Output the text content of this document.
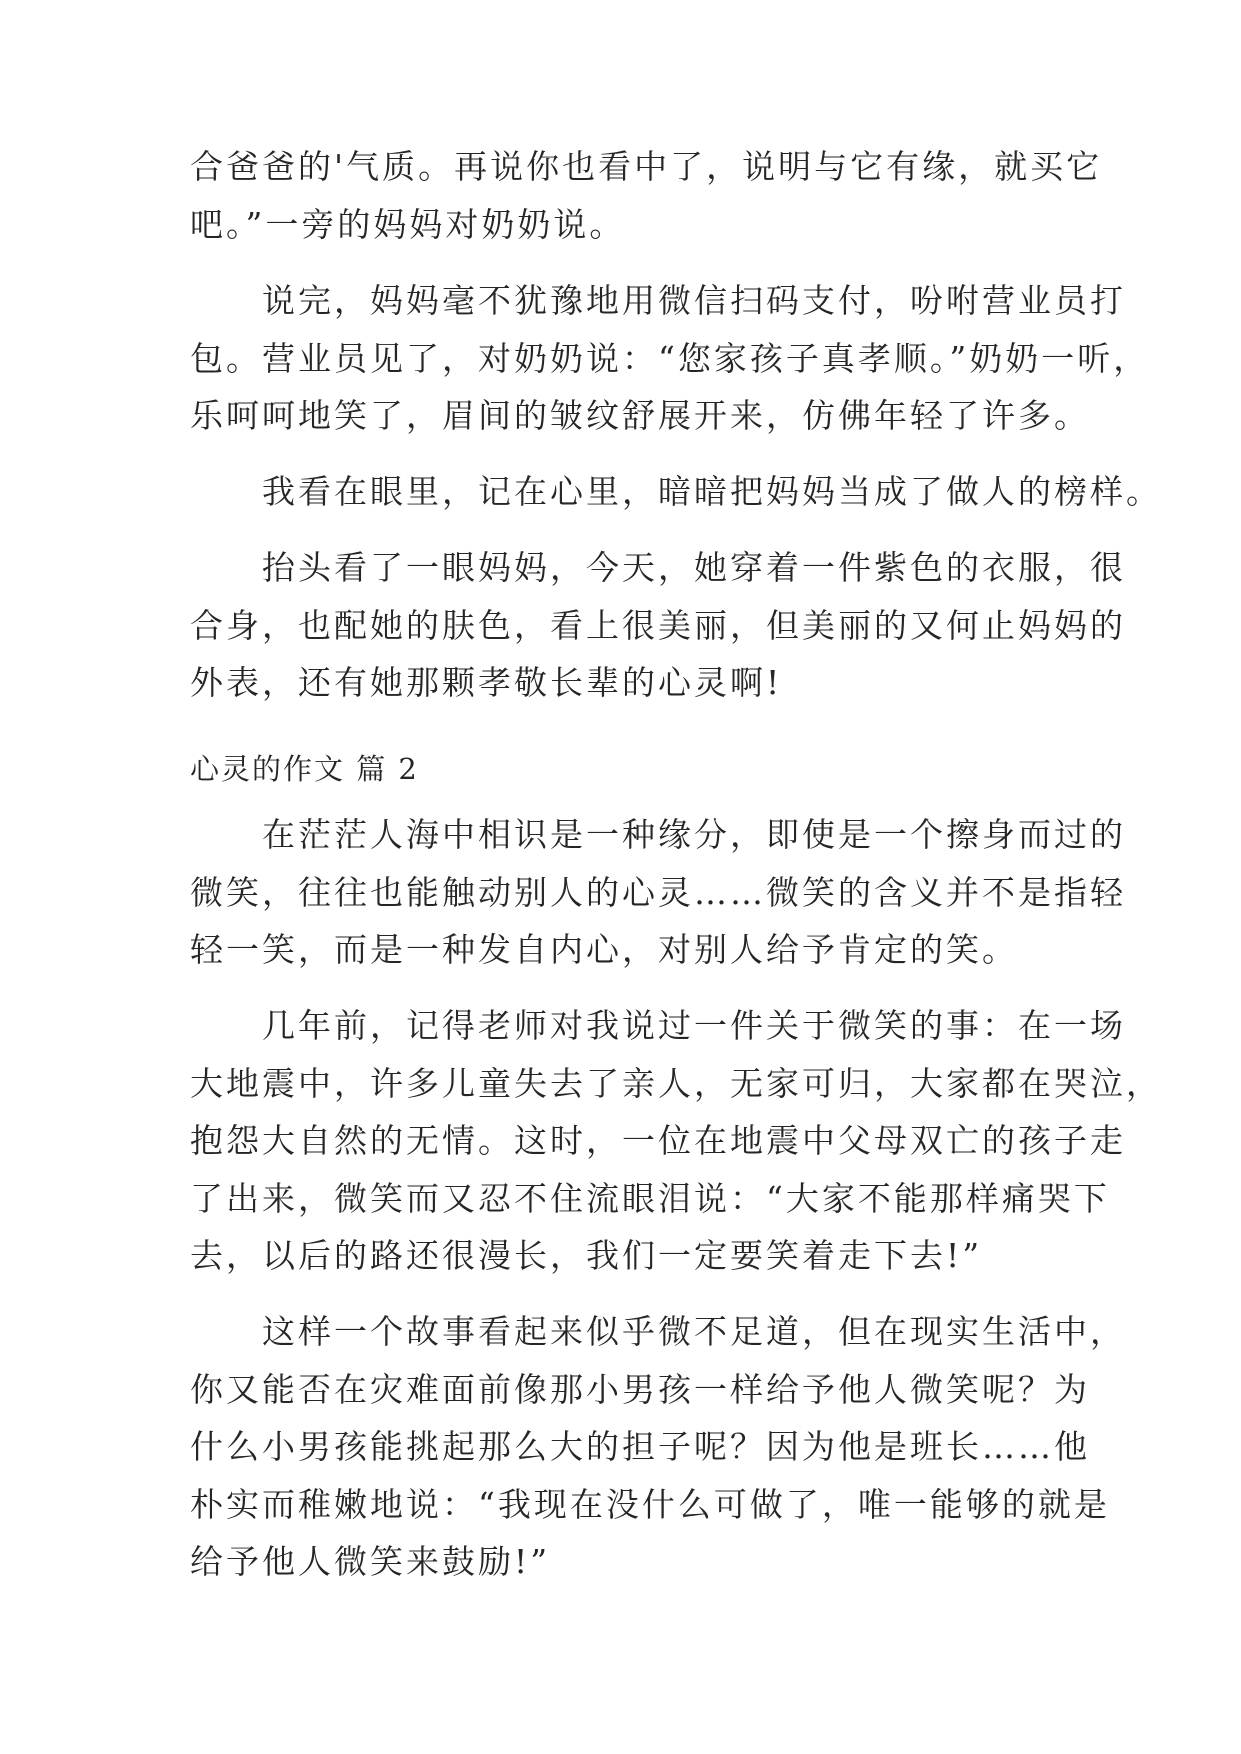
合爸爸的'气质。再说你也看中了，说明与它有缘，就买它
吧。”一旁的妈妈对奶奶说。
　　说完，妈妈毫不犹豫地用微信扫码支付，吩咐营业员打
包。营业员见了，对奶奶说：“您家孩子真孝顺。”奶奶一听，
乐呵呵地笑了，眉间的皱纹舒展开来，仿佛年轻了许多。
　　我看在眼里，记在心里，暗暗把妈妈当成了做人的榜样。
　　抬头看了一眼妈妈，今天，她穿着一件紫色的衣服，很
合身，也配她的肤色，看上很美丽，但美丽的又何止妈妈的
外表，还有她那颗孝敬长辈的心灵啊!
心灵的作文 篇 2
　　在茫茫人海中相识是一种缘分，即使是一个擦身而过的
微笑，往往也能触动别人的心灵……微笑的含义并不是指轻
轻一笑，而是一种发自内心，对别人给予肯定的笑。
　　几年前，记得老师对我说过一件关于微笑的事：在一场
大地震中，许多儿童失去了亲人，无家可归，大家都在哭泣，
抱怨大自然的无情。这时，一位在地震中父母双亡的孩子走
了出来，微笑而又忍不住流眼泪说：“大家不能那样痛哭下
去，以后的路还很漫长，我们一定要笑着走下去!”
　　这样一个故事看起来似乎微不足道，但在现实生活中，
你又能否在灾难面前像那小男孩一样给予他人微笑呢？为
什么小男孩能挑起那么大的担子呢？因为他是班长……他
朴实而稚嫩地说：“我现在没什么可做了，唯一能够的就是
给予他人微笑来鼓励!”
